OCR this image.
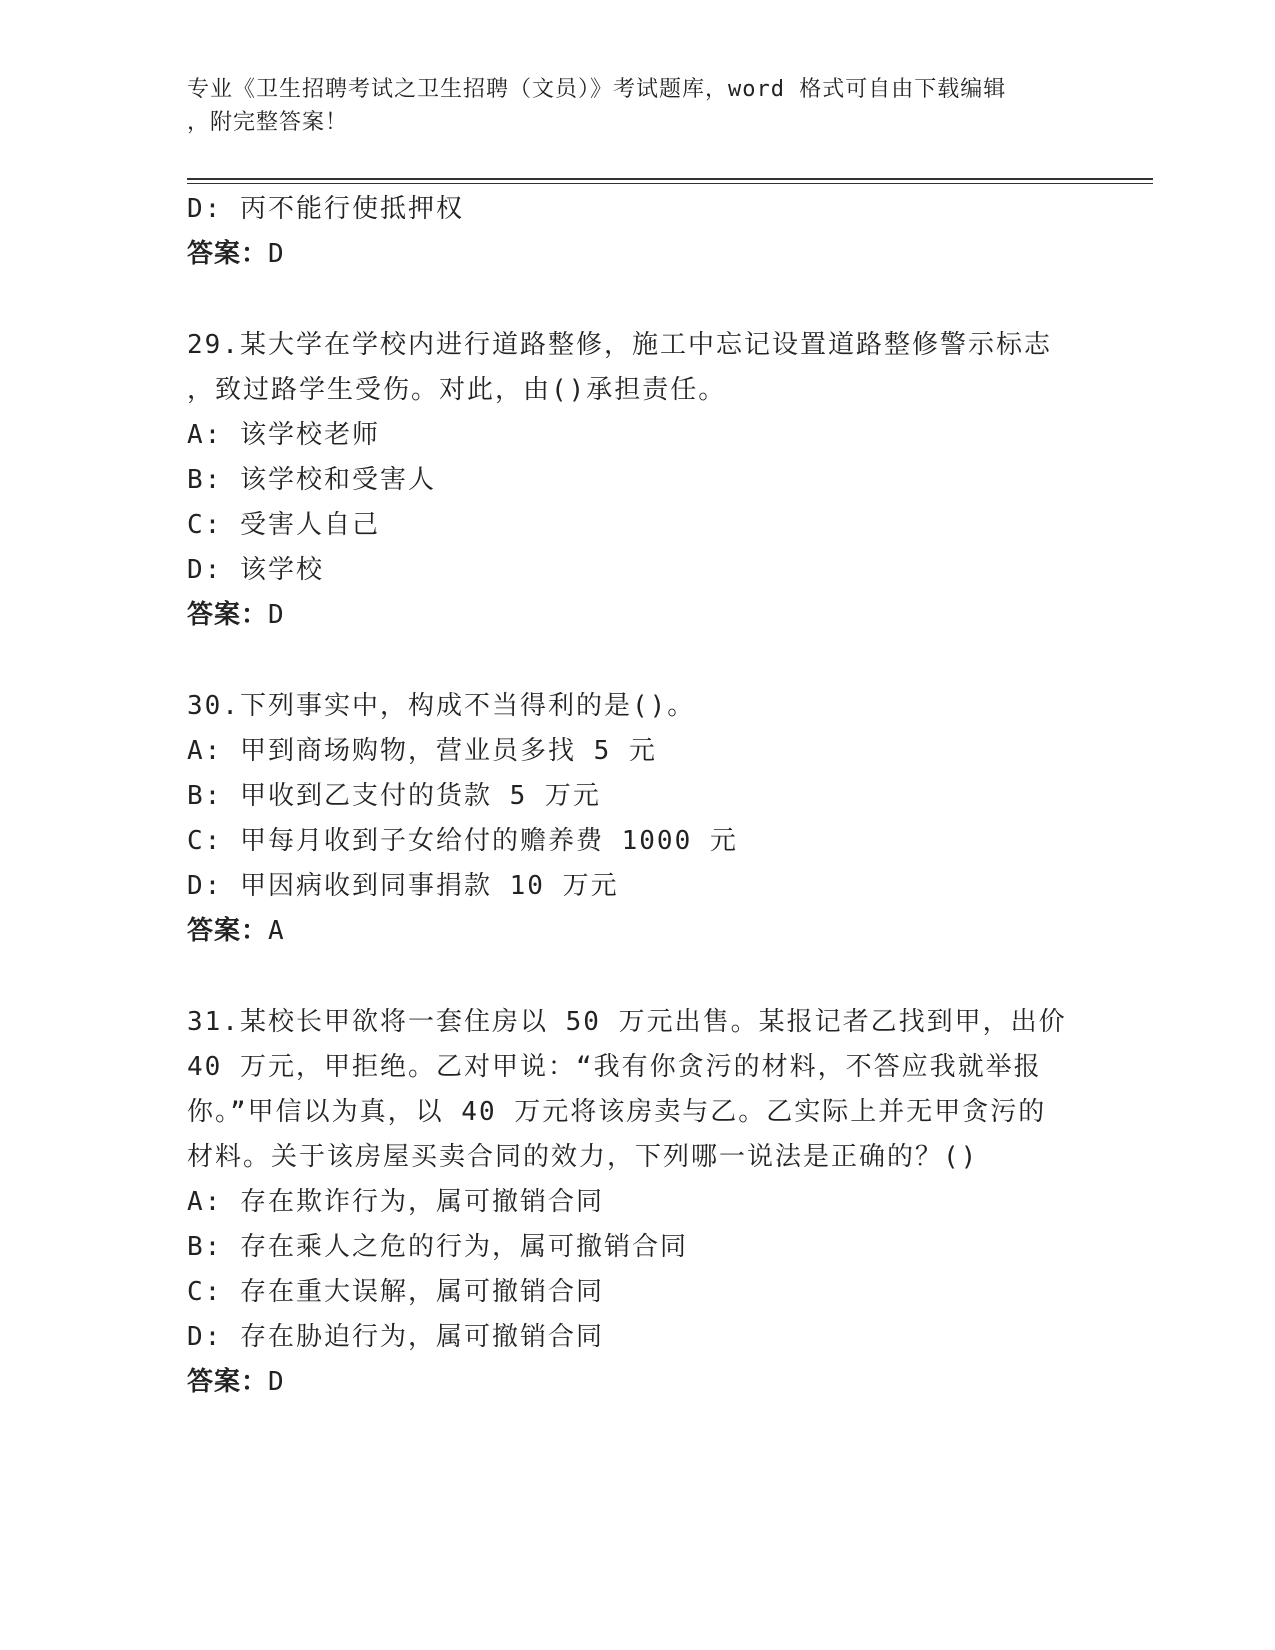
专业《卫生招聘考试之卫生招聘（文员）》考试题库，word 格式可自由下载编辑
，附完整答案！
D: 丙不能行使抵押权
答案：D
29.某大学在学校内进行道路整修，施工中忘记设置道路整修警示标志
，致过路学生受伤。对此，由()承担责任。
A: 该学校老师
B: 该学校和受害人
C: 受害人自己
D: 该学校
答案：D
30.下列事实中，构成不当得利的是()。
A: 甲到商场购物，营业员多找 5 元
B: 甲收到乙支付的货款 5 万元
C: 甲每月收到子女给付的赡养费 1000 元
D: 甲因病收到同事捐款 10 万元
答案：A
31.某校长甲欲将一套住房以 50 万元出售。某报记者乙找到甲，出价
40 万元，甲拒绝。乙对甲说：“我有你贪污的材料，不答应我就举报
你。”甲信以为真，以 40 万元将该房卖与乙。乙实际上并无甲贪污的
材料。关于该房屋买卖合同的效力，下列哪一说法是正确的？()
A: 存在欺诈行为，属可撤销合同
B: 存在乘人之危的行为，属可撤销合同
C: 存在重大误解，属可撤销合同
D: 存在胁迫行为，属可撤销合同
答案：D
